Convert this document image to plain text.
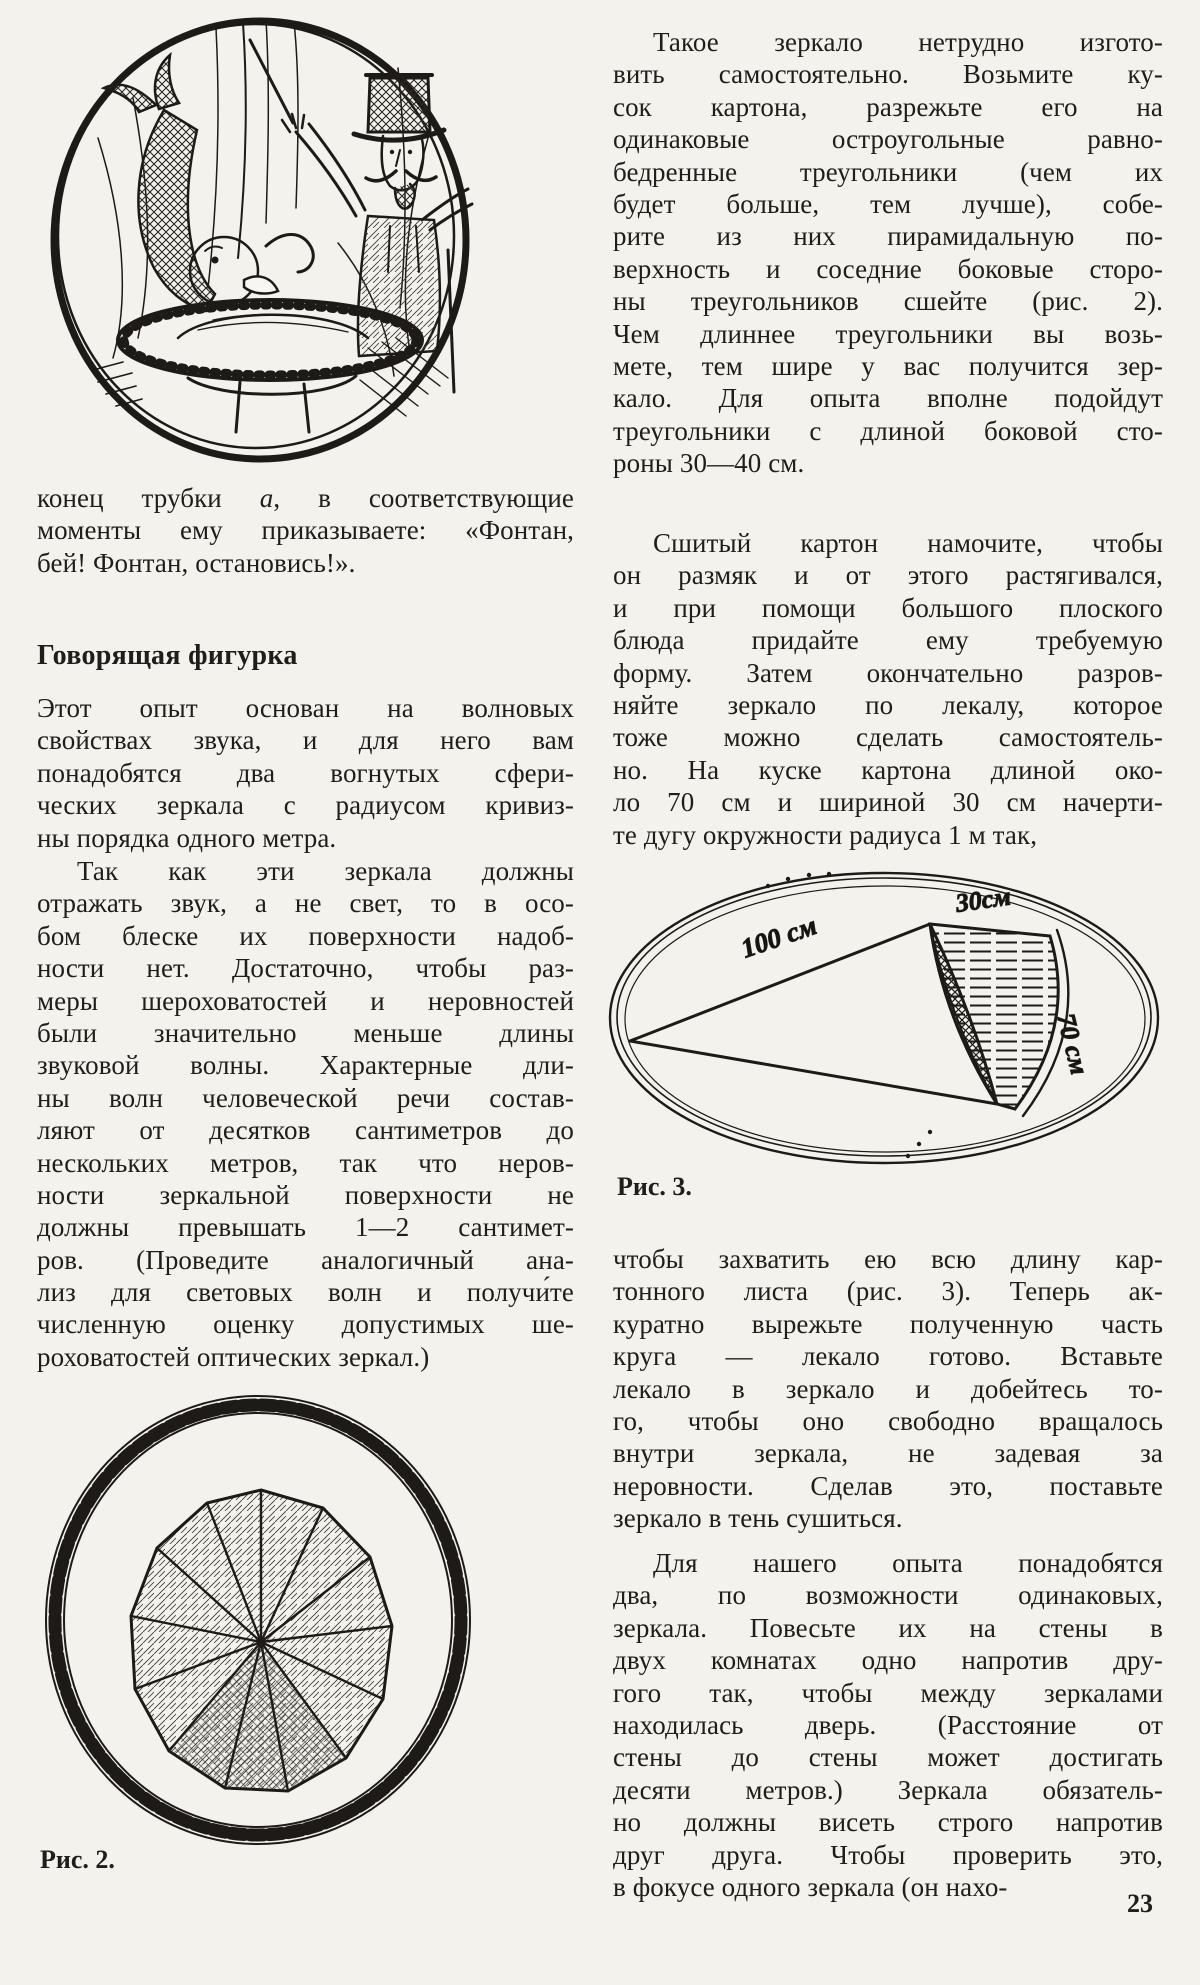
конец трубки а, в соответствующие
моменты ему приказываете: «Фонтан,
бей! Фонтан, остановись!».
Говорящая фигурка
Этот опыт основан на волновых
свойствах звука, и для него вам
понадобятся два вогнутых сфери-
ческих зеркала с радиусом кривиз-
ны порядка одного метра.
Так как эти зеркала должны
отражать звук, а не свет, то в осо-
бом блеске их поверхности надоб-
ности нет. Достаточно, чтобы раз-
меры шероховатостей и неровностей
были значительно меньше длины
звуковой волны. Характерные дли-
ны волн человеческой речи состав-
ляют от десятков сантиметров до
нескольких метров, так что неров-
ности зеркальной поверхности не
должны превышать 1—2 сантимет-
ров. (Проведите аналогичный ана-
лиз для световых волн и получи́те
численную оценку допустимых ше-
роховатостей оптических зеркал.)
Рис. 2.
Такое зеркало нетрудно изгото-
вить самостоятельно. Возьмите ку-
сок картона, разрежьте его на
одинаковые остроугольные равно-
бедренные треугольники (чем их
будет больше, тем лучше), собе-
рите из них пирамидальную по-
верхность и соседние боковые сторо-
ны треугольников сшейте (рис. 2).
Чем длиннее треугольники вы возь-
мете, тем шире у вас получится зер-
кало. Для опыта вполне подойдут
треугольники с длиной боковой сто-
роны 30—40 см.
Сшитый картон намочите, чтобы
он размяк и от этого растягивался,
и при помощи большого плоского
блюда придайте ему требуемую
форму. Затем окончательно разров-
няйте зеркало по лекалу, которое
тоже можно сделать самостоятель-
но. На куске картона длиной око-
ло 70 см и шириной 30 см начерти-
те дугу окружности радиуса 1 м так,
100 см
30см
70 см
Рис. 3.
чтобы захватить ею всю длину кар-
тонного листа (рис. 3). Теперь ак-
куратно вырежьте полученную часть
круга — лекало готово. Вставьте
лекало в зеркало и добейтесь то-
го, чтобы оно свободно вращалось
внутри зеркала, не задевая за
неровности. Сделав это, поставьте
зеркало в тень сушиться.
Для нашего опыта понадобятся
два, по возможности одинаковых,
зеркала. Повесьте их на стены в
двух комнатах одно напротив дру-
гого так, чтобы между зеркалами
находилась дверь. (Расстояние от
стены до стены может достигать
десяти метров.) Зеркала обязатель-
но должны висеть строго напротив
друг друга. Чтобы проверить это,
в фокусе одного зеркала (он нахо-
23
